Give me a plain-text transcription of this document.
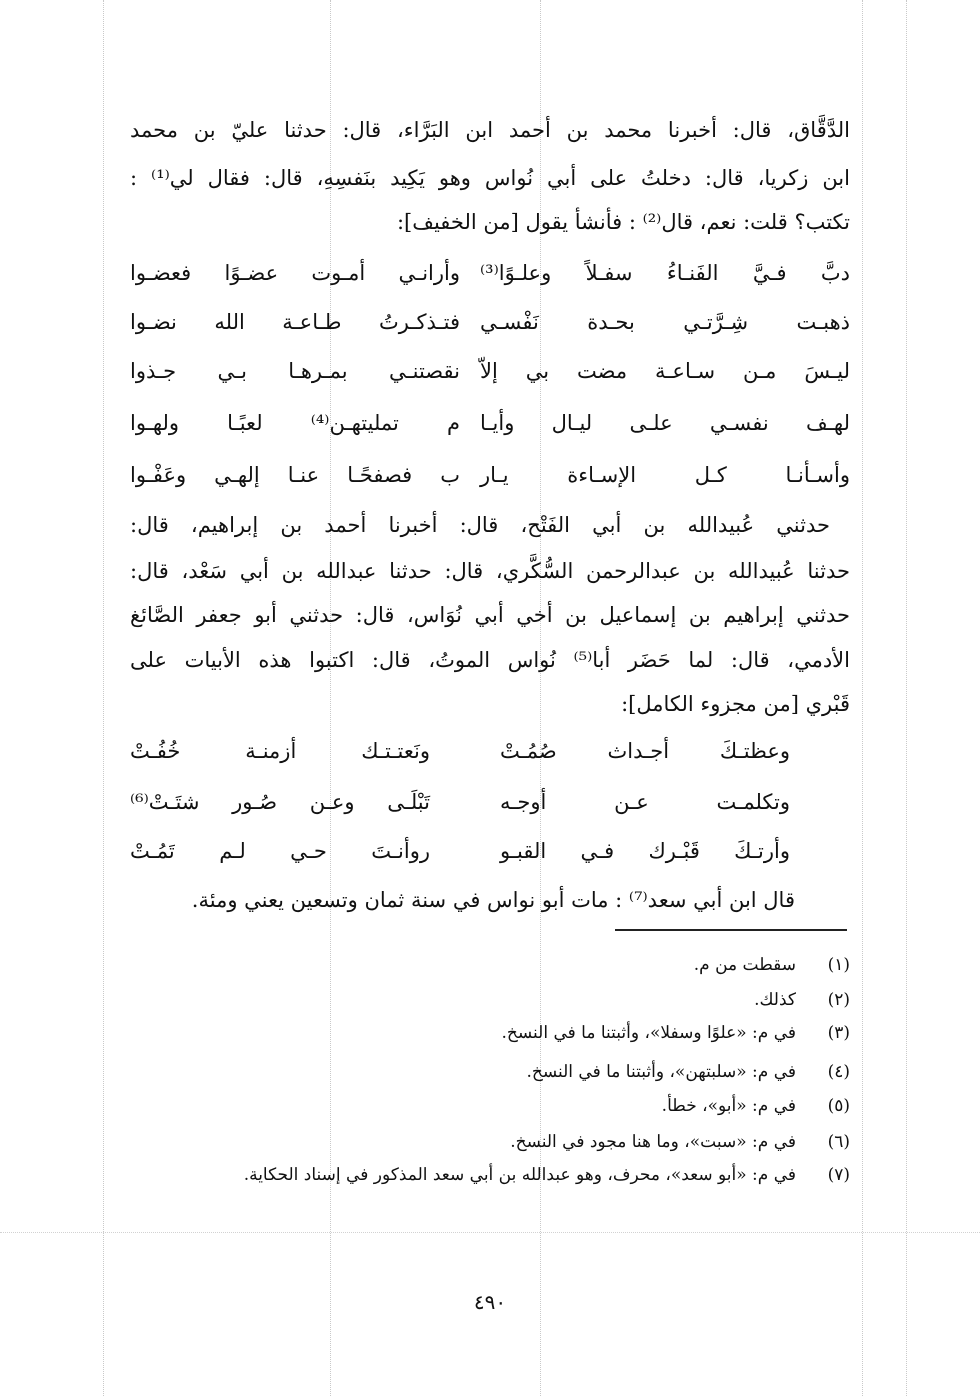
الدَّقَّاق، قال: أخبرنا محمد بن أحمد ابن البَرَّاء، قال: حدثنا عليّ بن محمد
ابن زكريا، قال: دخلتُ على أبي نُواس وهو يَكِيد بنَفسِهِ، قال: فقال لي⁽¹⁾ :
تكتب؟ قلت: نعم، قال⁽²⁾ : فأنشأ يقول [من الخفيف]:
دبَّ فـيَّ الفَنـاءُ سفـلاً وعلـوًا⁽³⁾
وأرانـي أمـوت عضـوًا فعضـوا
ذهبـت شِـرَّتـي بحـدة نَفْسـي
فتـذكـرتُ طـاعـة الله نضـوا
ليـسَ مـن سـاعـة مضت بي إلاّ
نقصتنـي بمـرهـا بـي جـذوا
لهـف نفسـي علـى ليـال وأيـا
م تمليتهـن⁽⁴⁾ لعبًـا ولهـوا
وأسـأنـا كـل الإسـاءة يـار
ب فصفحًـا عنـا إلهـي وعَفْـوا
حدثني عُبيدالله بن أبي الفَتْح، قال: أخبرنا أحمد بن إبراهيم، قال:
حدثنا عُبيدالله بن عبدالرحمن السُّكَّري، قال: حدثنا عبدالله بن أبي سَعْد، قال:
حدثني إبراهيم بن إسماعيل بن أخي أبي نُوَاس، قال: حدثني أبو جعفر الصَّائغ
الأدمي، قال: لما حَضَر أبا⁽⁵⁾ نُواس الموتُ، قال: اكتبوا هذه الأبيات على
قَبْري [من مجزوء الكامل]:
وعظتـكَ أجـداث صُمُـتْ
ونَعتـتـك أزمنـة خُفُـتْ
وتكلمـت عـن أوجـه
تَبْلَـى وعـن صُـور شتَـتْ⁽⁶⁾
وأرتـكَ قَبْـرك فـي القبـو
روأنـتَ حـي لـم تَمُـتْ
قال ابن أبي سعد⁽⁷⁾ : مات أبو نواس في سنة ثمان وتسعين يعني ومئة.
(١)سقطت من م.
(٢)كذلك.
(٣)في م: «علوًا وسفلا»، وأثبتنا ما في النسخ.
(٤)في م: «سلبتهن»، وأثبتنا ما في النسخ.
(٥)في م: «أبو»، خطأ.
(٦)في م: «سبت»، وما هنا مجود في النسخ.
(٧)في م: «أبو سعد»، محرف، وهو عبدالله بن أبي سعد المذكور في إسناد الحكاية.
٤٩٠
